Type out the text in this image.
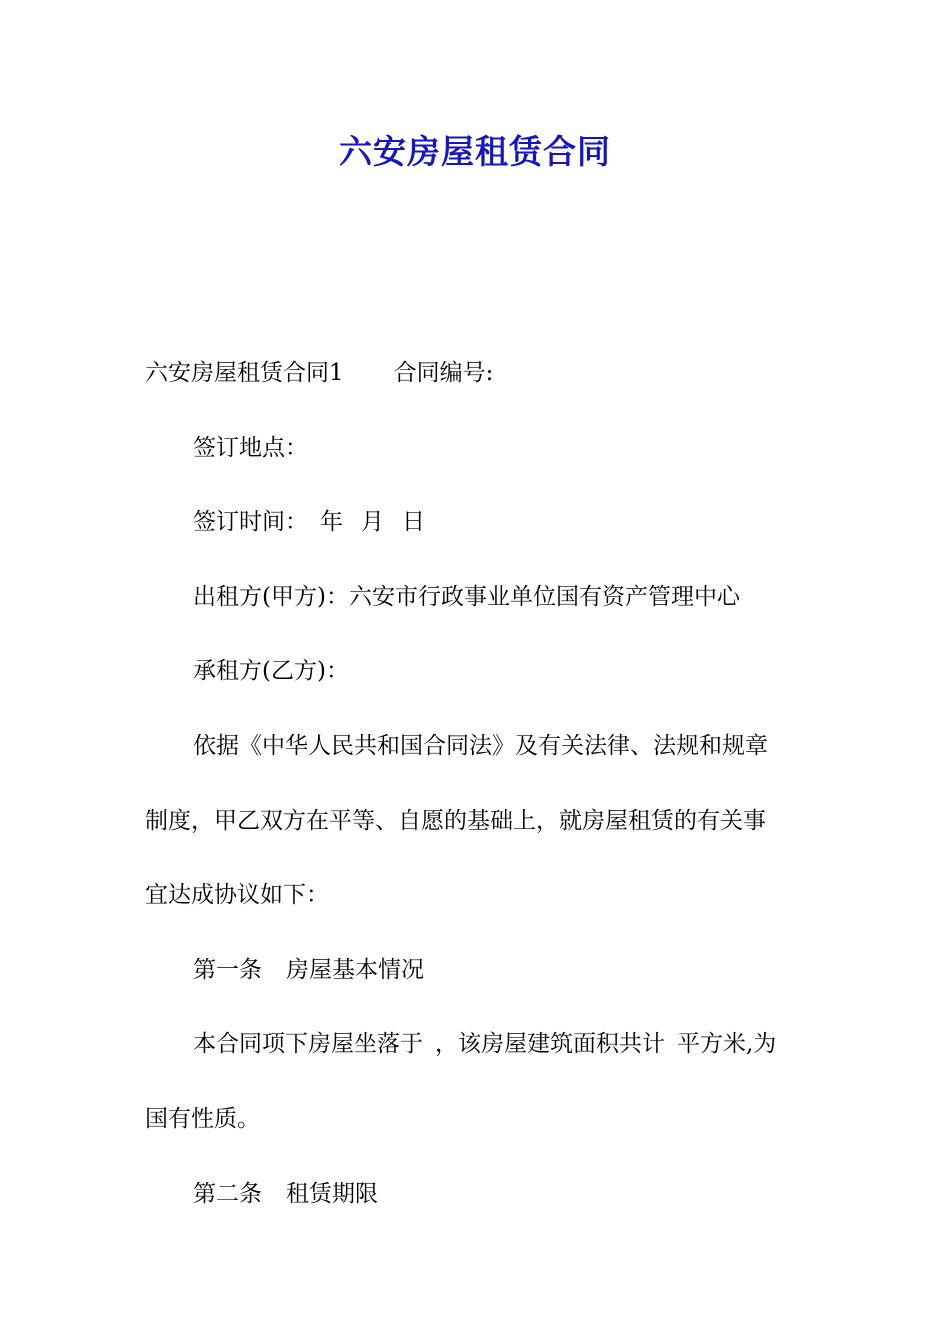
六安房屋租赁合同
六安房屋租赁合同1 合同编号:
签订地点：
签订时间： 年 月 日
出租方(甲方)：六安市行政事业单位国有资产管理中心
承租方(乙方)：
依据《中华人民共和国合同法》及有关法律、法规和规章
制度，甲乙双方在平等、自愿的基础上，就房屋租赁的有关事
宜达成协议如下：
第一条 房屋基本情况
本合同项下房屋坐落于 ，该房屋建筑面积共计 平方米,为
国有性质。
第二条 租赁期限
